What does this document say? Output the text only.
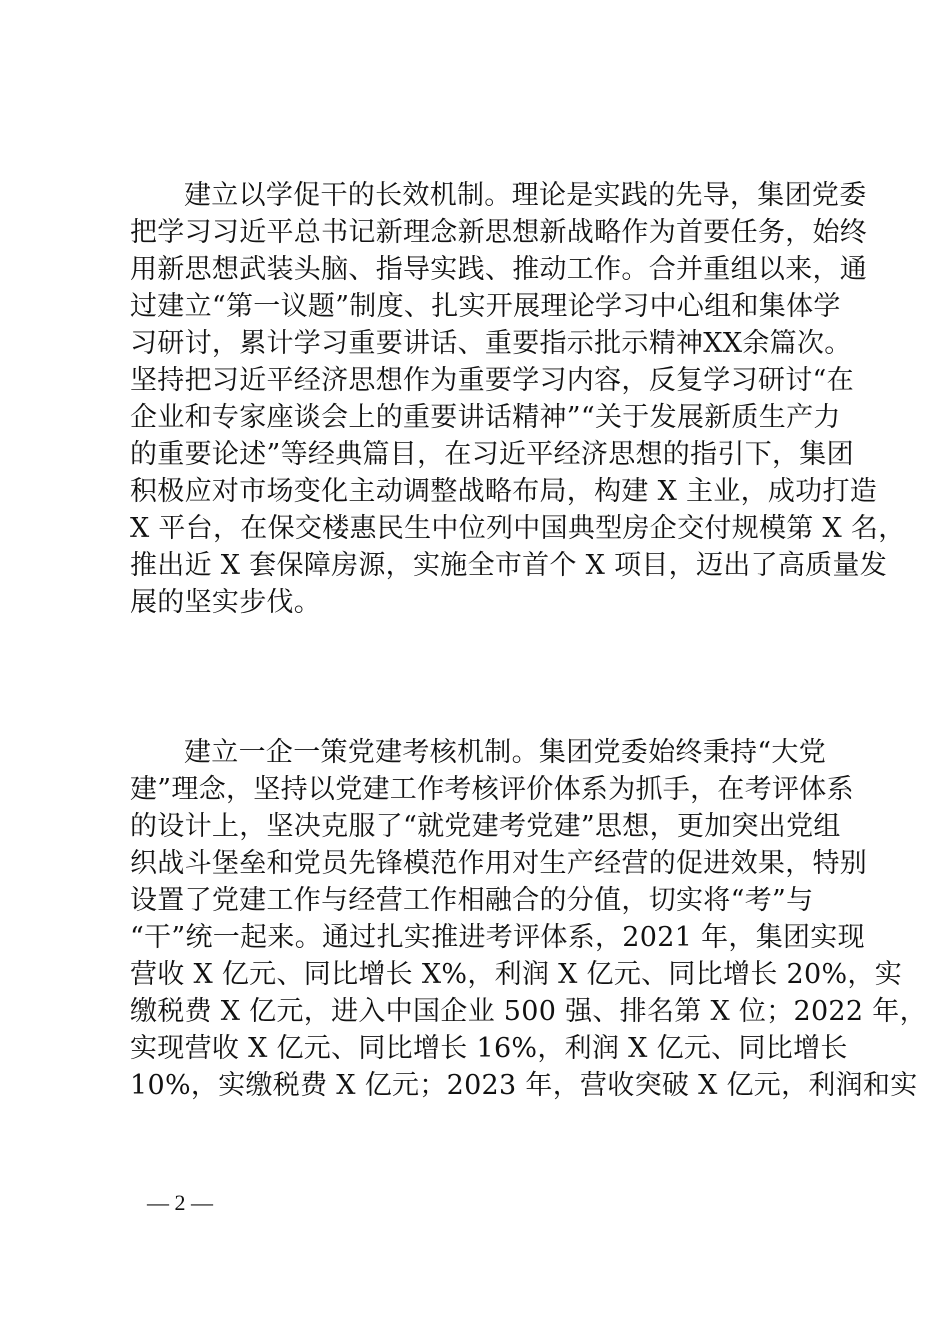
建立以学促干的长效机制。理论是实践的先导，集团党委
把学习习近平总书记新理念新思想新战略作为首要任务，始终
用新思想武装头脑、指导实践、推动工作。合并重组以来，通
过建立“第一议题”制度、扎实开展理论学习中心组和集体学
习研讨，累计学习重要讲话、重要指示批示精神XX余篇次。
坚持把习近平经济思想作为重要学习内容，反复学习研讨“在
企业和专家座谈会上的重要讲话精神”“关于发展新质生产力
的重要论述”等经典篇目，在习近平经济思想的指引下，集团
积极应对市场变化主动调整战略布局，构建 X 主业，成功打造
X 平台，在保交楼惠民生中位列中国典型房企交付规模第 X 名，
推出近 X 套保障房源，实施全市首个 X 项目，迈出了高质量发
展的坚实步伐。
建立一企一策党建考核机制。集团党委始终秉持“大党
建”理念，坚持以党建工作考核评价体系为抓手，在考评体系
的设计上，坚决克服了“就党建考党建”思想，更加突出党组
织战斗堡垒和党员先锋模范作用对生产经营的促进效果，特别
设置了党建工作与经营工作相融合的分值，切实将“考”与
“干”统一起来。通过扎实推进考评体系，2021 年，集团实现
营收 X 亿元、同比增长 X%，利润 X 亿元、同比增长 20%，实
缴税费 X 亿元，进入中国企业 500 强、排名第 X 位；2022 年，
实现营收 X 亿元、同比增长 16%，利润 X 亿元、同比增长
10%，实缴税费 X 亿元；2023 年，营收突破 X 亿元，利润和实
— 2 —
